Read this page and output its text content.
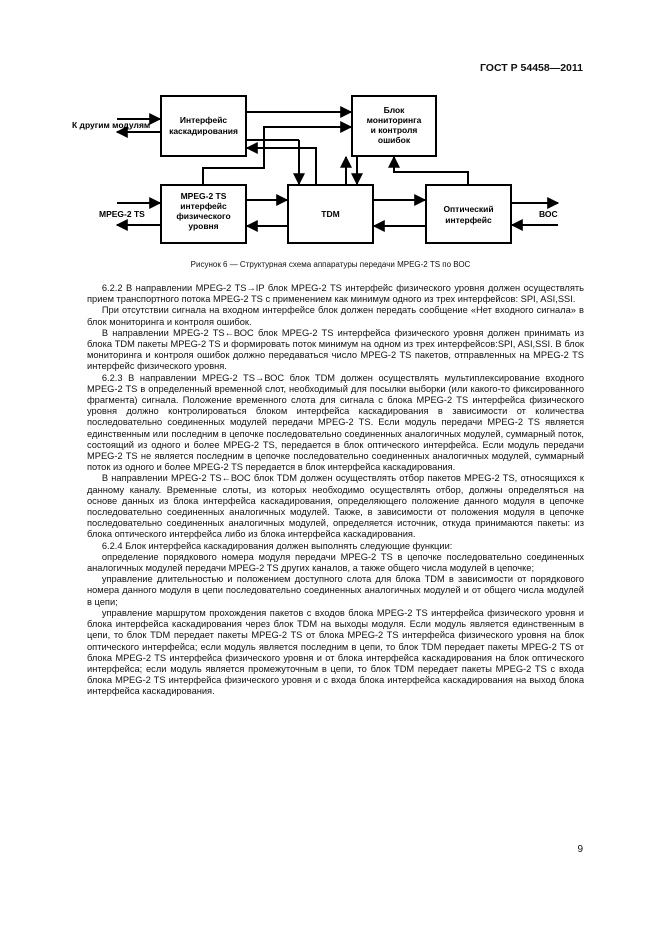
ГОСТ Р 54458—2011
Интерфейс каскадирования
Блок мониторинга и контроля ошибок
MPEG-2 TS интерфейс физического уровня
TDM	Оптический интерфейс
К другим модулям
MPEG-2 TS	ВОС
Рисунок 6 — Структурная схема аппаратуры передачи MPEG-2 TS по ВОС

6.2.2 В направлении MPEG-2 TS→IP блок MPEG-2 TS интерфейс физического уровня должен осуществлять прием транспортного потока MPEG-2 TS с применением как минимум одного из трех интерфейсов: SPI, ASI,SSI.

При отсутствии сигнала на входном интерфейсе блок должен передать сообщение «Нет входного сигнала» в блок мониторинга и контроля ошибок.

В направлении MPEG-2 TS←ВОС блок MPEG-2 TS интерфейса физического уровня должен принимать из блока TDM пакеты MPEG-2 TS и формировать поток минимум на одном из трех интерфейсов:SPI, ASI,SSI. В блок мониторинга и контроля ошибок должно передаваться число MPEG-2 TS пакетов, отправленных на MPEG-2 TS интерфейс физического уровня.

6.2.3 В направлении MPEG-2 TS→ВОС блок TDM должен осуществлять мультиплексирование входного MPEG-2 TS в определенный временной слот, необходимый для посылки выборки (или какого-то фиксированного фрагмента) сигнала. Положение временного слота для сигнала с блока MPEG-2 TS интерфейса физического уровня должно контролироваться блоком интерфейса каскадирования в зависимости от количества последовательно соединенных модулей передачи MPEG-2 TS. Если модуль передачи MPEG-2 TS является единственным или последним в цепочке последовательно соединенных аналогичных модулей, суммарный поток, состоящий из одного и более MPEG-2 TS, передается в блок оптического интерфейса. Если модуль передачи MPEG-2 TS не является последним в цепочке последовательно соединенных аналогичных модулей, суммарный поток из одного и более MPEG-2 TS передается в блок интерфейса каскадирования.

В направлении MPEG-2 TS←ВОС блок TDM должен осуществлять отбор пакетов MPEG-2 TS, относящихся к данному каналу. Временные слоты, из которых необходимо осуществлять отбор, должны определяться на основе данных из блока интерфейса каскадирования, определяющего положение данного модуля в цепочке последовательно соединенных аналогичных модулей. Также, в зависимости от положения модуля в цепочке последовательно соединенных аналогичных модулей, определяется источник, откуда принимаются пакеты: из блока оптического интерфейса либо из блока интерфейса каскадирования.

6.2.4 Блок интерфейса каскадирования должен выполнять следующие функции:

определение порядкового номера модуля передачи MPEG-2 TS в цепочке последовательно соединенных аналогичных модулей передачи MPEG-2 TS других каналов, а также общего числа модулей в цепочке;

управление длительностью и положением доступного слота для блока TDM в зависимости от порядкового номера данного модуля в цепи последовательно соединенных аналогичных модулей и от общего числа модулей в цепи;

управление маршрутом прохождения пакетов с входов блока MPEG-2 TS интерфейса физического уровня и блока интерфейса каскадирования через блок TDM на выходы модуля. Если модуль является единственным в цепи, то блок TDM передает пакеты MPEG-2 TS от блока MPEG-2 TS интерфейса физического уровня на блок оптического интерфейса; если модуль является последним в цепи, то блок TDM передает пакеты MPEG-2 TS от блока MPEG-2 TS интерфейса физического уровня и от блока интерфейса каскадирования на блок оптического интерфейса; если модуль является промежуточным в цепи, то блок TDM передает пакеты MPEG-2 TS с входа блока MPEG-2 TS интерфейса физического уровня и с входа блока интерфейса каскадирования на выход блока интерфейса каскадирования.

9
